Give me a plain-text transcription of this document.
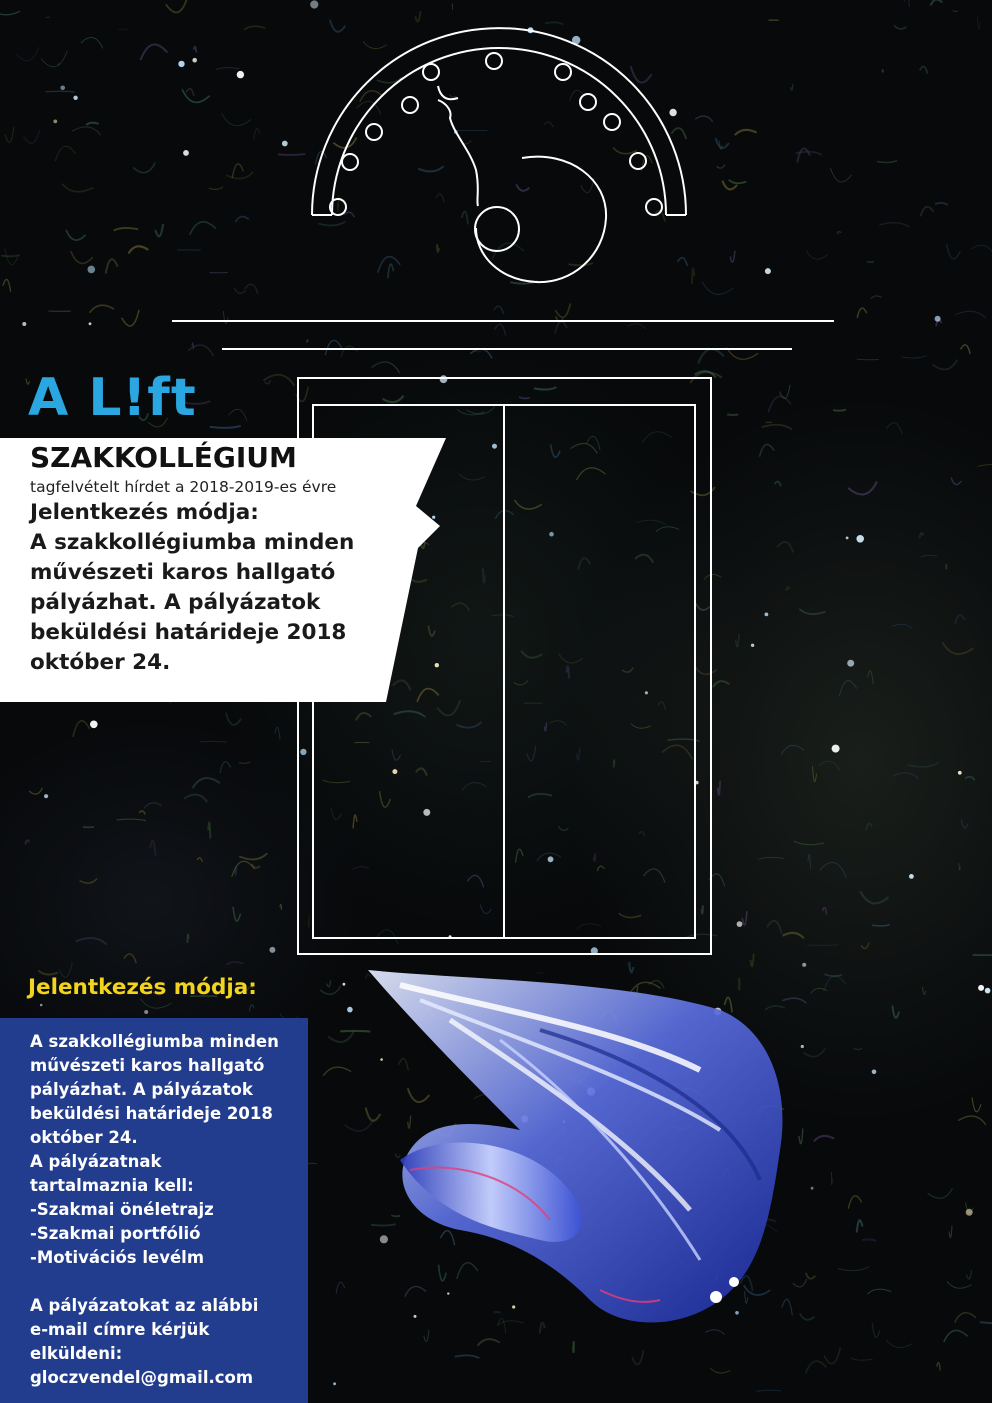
A L!ft

SZAKKOLLÉGIUM

tagfelvételt hírdet a 2018-2019-es évre

Jelentkezés módja:

A szakkollégiumba minden

művészeti karos hallgató

pályázhat. A pályázatok

beküldési határideje 2018

október 24.

Jelentkezés módja:

A szakkollégiumba minden

művészeti karos hallgató

pályázhat. A pályázatok

beküldési határideje 2018

október 24.

A pályázatnak

tartalmaznia kell:

-Szakmai önéletrajz

-Szakmai portfólió

-Motivációs levélm

A pályázatokat az alábbi

e-mail címre kérjük

elküldeni:

gloczvendel@gmail.com
